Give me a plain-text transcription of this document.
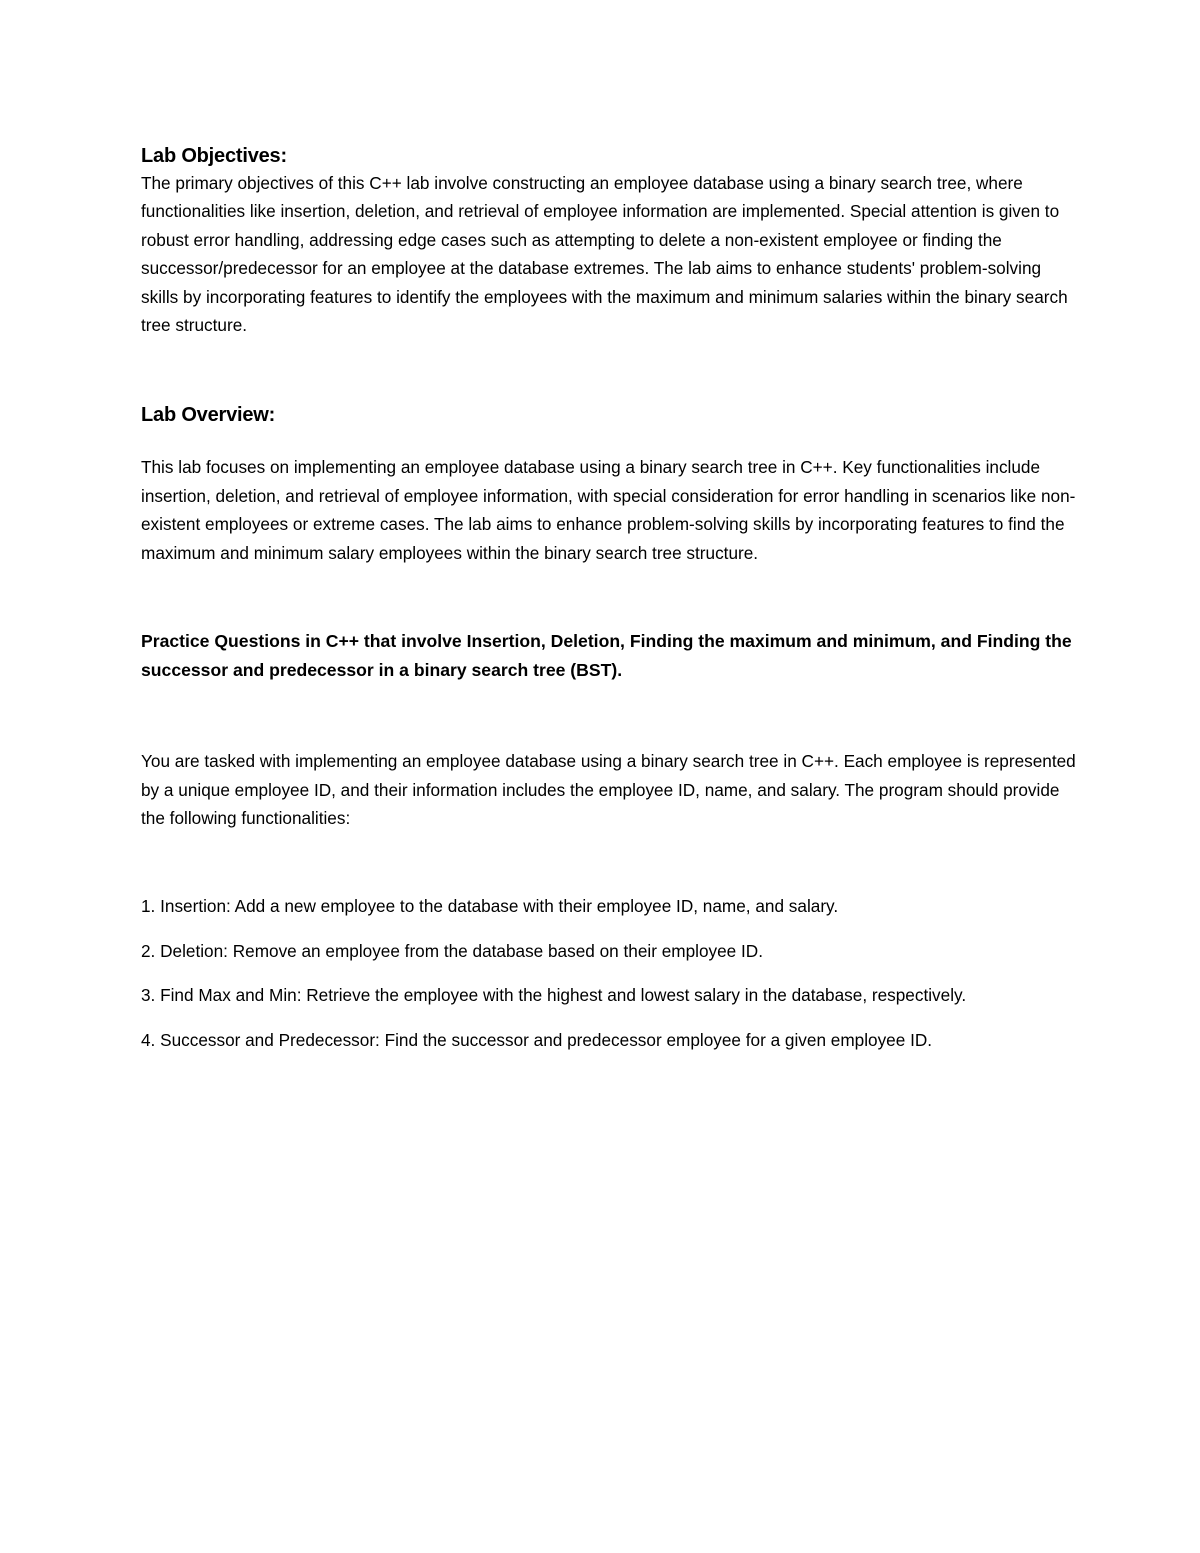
Lab Objectives:

The primary objectives of this C++ lab involve constructing an employee database using a binary search tree, where functionalities like insertion, deletion, and retrieval of employee information are implemented. Special attention is given to robust error handling, addressing edge cases such as attempting to delete a non-existent employee or finding the successor/predecessor for an employee at the database extremes. The lab aims to enhance students' problem-solving skills by incorporating features to identify the employees with the maximum and minimum salaries within the binary search tree structure.

Lab Overview:

This lab focuses on implementing an employee database using a binary search tree in C++. Key functionalities include insertion, deletion, and retrieval of employee information, with special consideration for error handling in scenarios like non-existent employees or extreme cases. The lab aims to enhance problem-solving skills by incorporating features to find the maximum and minimum salary employees within the binary search tree structure.

Practice Questions in C++ that involve Insertion, Deletion, Finding the maximum and minimum, and Finding the successor and predecessor in a binary search tree (BST).

You are tasked with implementing an employee database using a binary search tree in C++. Each employee is represented by a unique employee ID, and their information includes the employee ID, name, and salary. The program should provide the following functionalities:

1. Insertion: Add a new employee to the database with their employee ID, name, and salary.
2. Deletion: Remove an employee from the database based on their employee ID.
3. Find Max and Min: Retrieve the employee with the highest and lowest salary in the database, respectively.
4. Successor and Predecessor: Find the successor and predecessor employee for a given employee ID.
